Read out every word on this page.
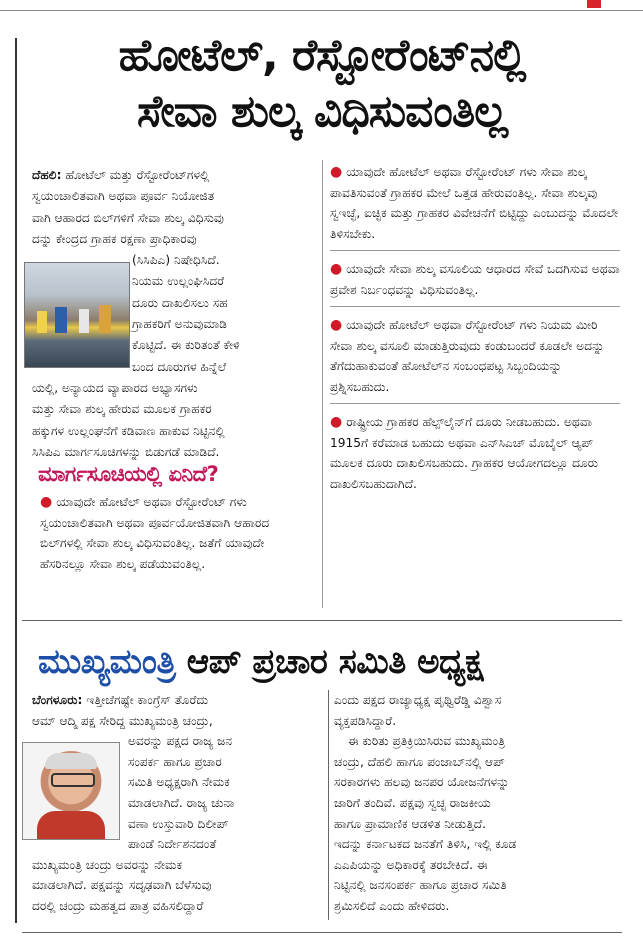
ಹೋಟೆಲ್, ರೆಸ್ಟೋರೆಂಟ್‌ನಲ್ಲಿ
ಸೇವಾ ಶುಲ್ಕ ವಿಧಿಸುವಂತಿಲ್ಲ
ದೆಹಲಿ: ಹೋಟೆಲ್ ಮತ್ತು ರೆಸ್ಟೋರೆಂಟ್‌ಗಳಲ್ಲಿ
ಸ್ವಯಂಚಾಲಿತವಾಗಿ ಅಥವಾ ಪೂರ್ವ ನಿಯೋಜಿತ
ವಾಗಿ ಆಹಾರದ ಬಿಲ್‌ಗಳಿಗೆ ಸೇವಾ ಶುಲ್ಕ ವಿಧಿಸುವು
ದನ್ನು ಕೇಂದ್ರದ ಗ್ರಾಹಕ ರಕ್ಷಣಾ ಪ್ರಾಧಿಕಾರವು
(ಸಿಸಿಪಿಎ) ನಿಷೇಧಿಸಿದೆ.
ನಿಯಮ ಉಲ್ಲಂಘಿಸಿದರೆ
ದೂರು ದಾಖಲಿಸಲು ಸಹ
ಗ್ರಾಹಕರಿಗೆ ಅನುವುಮಾಡಿ
ಕೊಟ್ಟಿದೆ. ಈ ಕುರಿತಂತೆ ಕೇಳಿ
ಬಂದ ದೂರುಗಳ ಹಿನ್ನೆಲೆ
ಯಲ್ಲಿ, ಅನ್ಯಾಯದ ವ್ಯಾಪಾರದ ಅಭ್ಯಾಸಗಳು
ಮತ್ತು ಸೇವಾ ಶುಲ್ಕ ಹೇರುವ ಮೂಲಕ ಗ್ರಾಹಕರ
ಹಕ್ಕುಗಳ ಉಲ್ಲಂಘನೆಗೆ ಕಡಿವಾಣ ಹಾಕುವ ನಿಟ್ಟಿನಲ್ಲಿ
ಸಿಸಿಪಿಎ ಮಾರ್ಗಸೂಚಿಗಳನ್ನು ಬಿಡುಗಡೆ ಮಾಡಿದೆ.
ಮಾರ್ಗಸೂಚಿಯಲ್ಲಿ ಏನಿದೆ?
● ಯಾವುದೇ ಹೋಟೆಲ್ ಅಥವಾ ರೆಸ್ಟೋರೆಂಟ್ ಗಳು ಸ್ವಯಂಚಾಲಿತವಾಗಿ ಅಥವಾ ಪೂರ್ವಯೋಜಿತವಾಗಿ ಆಹಾರದ ಬಿಲ್‌ಗಳಲ್ಲಿ ಸೇವಾ ಶುಲ್ಕ ವಿಧಿಸುವಂತಿಲ್ಲ. ಜತೆಗೆ ಯಾವುದೇ ಹೆಸರಿನಲ್ಲೂ ಸೇವಾ ಶುಲ್ಕ ಪಡೆಯುವಂತಿಲ್ಲ.
● ಯಾವುದೇ ಹೋಟೆಲ್ ಅಥವಾ ರೆಸ್ಟೋರೆಂಟ್ ಗಳು ಸೇವಾ ಶುಲ್ಕ ಪಾವತಿಸುವಂತೆ ಗ್ರಾಹಕರ ಮೇಲೆ ಒತ್ತಡ ಹೇರುವಂತಿಲ್ಲ. ಸೇವಾ ಶುಲ್ಕವು ಸ್ವಇಚ್ಛೆ, ಐಚ್ಛಿಕ ಮತ್ತು ಗ್ರಾಹಕರ ವಿವೇಚನೆಗೆ ಬಿಟ್ಟಿದ್ದು ಎಂಬುದನ್ನು ಮೊದಲೇ ತಿಳಿಸಬೇಕು.
● ಯಾವುದೇ ಸೇವಾ ಶುಲ್ಕ ವಸೂಲಿಯ ಆಧಾರದ ಸೇವೆ ಒದಗಿಸುವ ಅಥವಾ ಪ್ರವೇಶ ನಿರ್ಬಂಧವನ್ನು ವಿಧಿಸುವಂತಿಲ್ಲ.
● ಯಾವುದೇ ಹೋಟೆಲ್ ಅಥವಾ ರೆಸ್ಟೋರೆಂಟ್ ಗಳು ನಿಯಮ ಮೀರಿ ಸೇವಾ ಶುಲ್ಕ ವಸೂಲಿ ಮಾಡುತ್ತಿರುವುದು ಕಂಡುಬಂದರೆ ಕೂಡಲೇ ಅದನ್ನು ತೆಗೆದುಹಾಕುವಂತೆ ಹೋಟೆಲ್‌ನ ಸಂಬಂಧಪಟ್ಟ ಸಿಬ್ಬಂದಿಯನ್ನು ಪ್ರಶ್ನಿಸಬಹುದು.
● ರಾಷ್ಟ್ರೀಯ ಗ್ರಾಹಕರ ಹೆಲ್ಪ್‌ಲೈನ್‌ಗೆ ದೂರು ನೀಡಬಹುದು. ಅಥವಾ 1915ಗೆ ಕರೆಮಾಡ ಬಹುದು ಅಥವಾ ಎನ್‌ಸಿಎಚ್ ಮೊಬೈಲ್ ಆ್ಯಪ್ ಮೂಲಕ ದೂರು ದಾಖಲಿಸಬಹುದು. ಗ್ರಾಹಕರ ಆಯೋಗದಲ್ಲೂ ದೂರು ದಾಖಲಿಸಬಹುದಾಗಿದೆ.
ಮುಖ್ಯಮಂತ್ರಿ ಆಪ್ ಪ್ರಚಾರ ಸಮಿತಿ ಅಧ್ಯಕ್ಷ
ಬೆಂಗಳೂರು: ಇತ್ತೀಚೆಗಷ್ಟೇ ಕಾಂಗ್ರೆಸ್ ತೊರೆದು
ಆಮ್ ಆದ್ಮಿ ಪಕ್ಷ ಸೇರಿದ್ದ ಮುಖ್ಯಮಂತ್ರಿ ಚಂದ್ರು,
ಅವರನ್ನು ಪಕ್ಷದ ರಾಜ್ಯ ಜನ
ಸಂಪರ್ಕ ಹಾಗೂ ಪ್ರಚಾರ
ಸಮಿತಿ ಅಧ್ಯಕ್ಷರಾಗಿ ನೇಮಕ
ಮಾಡಲಾಗಿದೆ. ರಾಜ್ಯ ಚುನಾ
ವಣಾ ಉಸ್ತುವಾರಿ ದಿಲೀಪ್
ಪಾಂಡೆ ನಿರ್ದೇಶನದಂತೆ
ಮುಖ್ಯಮಂತ್ರಿ ಚಂದ್ರು ಅವರನ್ನು ನೇಮಕ
ಮಾಡಲಾಗಿದೆ. ಪಕ್ಷವನ್ನು ಸದೃಢವಾಗಿ ಬೆಳೆಸುವು
ದರಲ್ಲಿ ಚಂದ್ರು ಮಹತ್ವದ ಪಾತ್ರ ವಹಿಸಲಿದ್ದಾರೆ
ಎಂದು ಪಕ್ಷದ ರಾಜ್ಯಾಧ್ಯಕ್ಷ ಪೃಥ್ವಿರೆಡ್ಡಿ ವಿಶ್ವಾಸ
ವ್ಯಕ್ತಪಡಿಸಿದ್ದಾರೆ.
ಈ ಕುರಿತು ಪ್ರತಿಕ್ರಿಯಿಸಿರುವ ಮುಖ್ಯಮಂತ್ರಿ
ಚಂದ್ರು, ದೆಹಲಿ ಹಾಗೂ ಪಂಜಾಬ್‌ನಲ್ಲಿ ಆಪ್
ಸರಕಾರಗಳು ಹಲವು ಜನಪರ ಯೋಜನೆಗಳನ್ನು
ಜಾರಿಗೆ ತಂದಿವೆ. ಪಕ್ಷವು ಸ್ವಚ್ಛ ರಾಜಕೀಯ
ಹಾಗೂ ಪ್ರಾಮಾಣಿಕ ಆಡಳಿತ ನೀಡುತ್ತಿದೆ.
ಇದನ್ನು ಕರ್ನಾಟಕದ ಜನತೆಗೆ ತಿಳಿಸಿ, ಇಲ್ಲಿ ಕೂಡ
ಎಎಪಿಯನ್ನು ಅಧಿಕಾರಕ್ಕೆ ತರಬೇಕಿದೆ. ಈ
ನಿಟ್ಟಿನಲ್ಲಿ ಜನಸಂಪರ್ಕ ಹಾಗೂ ಪ್ರಚಾರ ಸಮಿತಿ
ಶ್ರಮಿಸಲಿದೆ ಎಂದು ಹೇಳಿದರು.
